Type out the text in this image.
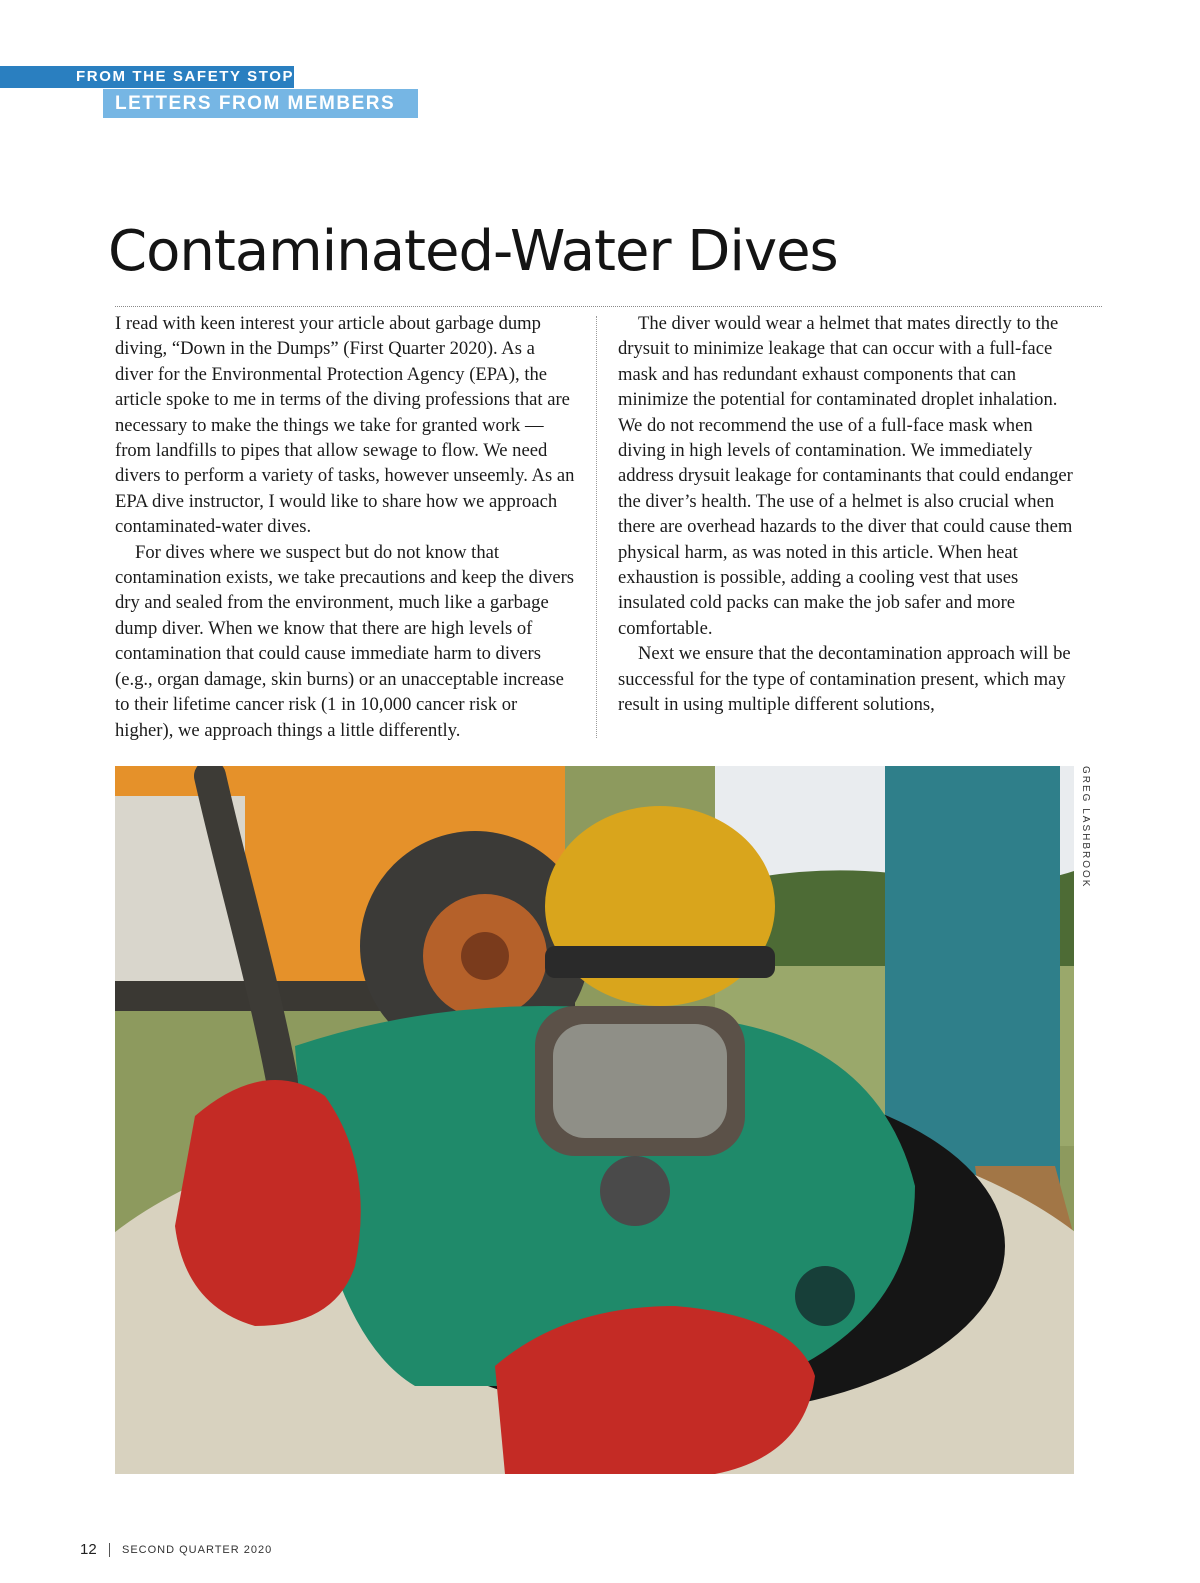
FROM THE SAFETY STOP
LETTERS FROM MEMBERS
Contaminated-Water Dives

I read with keen interest your article about garbage dump diving, “Down in the Dumps” (First Quarter 2020). As a diver for the Environmental Protection Agency (EPA), the article spoke to me in terms of the diving professions that are necessary to make the things we take for granted work — from landfills to pipes that allow sewage to flow. We need divers to perform a variety of tasks, however unseemly. As an EPA dive instructor, I would like to share how we approach contaminated-water dives.

For dives where we suspect but do not know that contamination exists, we take precautions and keep the divers dry and sealed from the environment, much like a garbage dump diver. When we know that there are high levels of contamination that could cause immediate harm to divers (e.g., organ damage, skin burns) or an unacceptable increase to their lifetime cancer risk (1 in 10,000 cancer risk or higher), we approach things a little differently.

The diver would wear a helmet that mates directly to the drysuit to minimize leakage that can occur with a full-face mask and has redundant exhaust components that can minimize the potential for contaminated droplet inhalation. We do not recommend the use of a full-face mask when diving in high levels of contamination. We immediately address drysuit leakage for contaminants that could endanger the diver’s health. The use of a helmet is also crucial when there are overhead hazards to the diver that could cause them physical harm, as was noted in this article. When heat exhaustion is possible, adding a cooling vest that uses insulated cold packs can make the job safer and more comfortable.

Next we ensure that the decontamination approach will be successful for the type of contamination present, which may result in using multiple different solutions,

GREG LASHBROOK
12 SECOND QUARTER 2020
